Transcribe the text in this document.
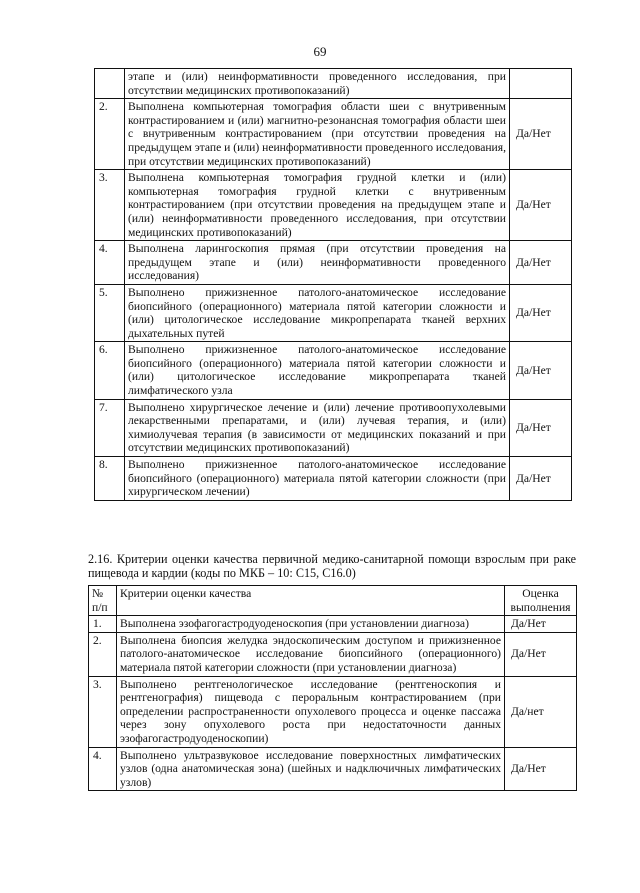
69
	этапе и (или) неинформативности проведенного исследования, при отсутствии медицинских противопоказаний)	
2.	Выполнена компьютерная томография области шеи с внутривенным контрастированием и (или) магнитно-резонансная томография области шеи с внутривенным контрастированием (при отсутствии проведения на предыдущем этапе и (или) неинформативности проведенного исследования, при отсутствии медицинских противопоказаний)	Да/Нет
3.	Выполнена компьютерная томография грудной клетки и (или) компьютерная томография грудной клетки с внутривенным контрастированием (при отсутствии проведения на предыдущем этапе и (или) неинформативности проведенного исследования, при отсутствии медицинских противопоказаний)	Да/Нет
4.	Выполнена ларингоскопия прямая (при отсутствии проведения на предыдущем этапе и (или) неинформативности проведенного исследования)	Да/Нет
5.	Выполнено прижизненное патолого-анатомическое исследование биопсийного (операционного) материала пятой категории сложности и (или) цитологическое исследование микропрепарата тканей верхних дыхательных путей	Да/Нет
6.	Выполнено прижизненное патолого-анатомическое исследование биопсийного (операционного) материала пятой категории сложности и (или) цитологическое исследование микропрепарата тканей лимфатического узла	Да/Нет
7.	Выполнено хирургическое лечение и (или) лечение противоопухолевыми лекарственными препаратами, и (или) лучевая терапия, и (или) химиолучевая терапия (в зависимости от медицинских показаний и при отсутствии медицинских противопоказаний)	Да/Нет
8.	Выполнено прижизненное патолого-анатомическое исследование биопсийного (операционного) материала пятой категории сложности (при хирургическом лечении)	Да/Нет
2.16. Критерии оценки качества первичной медико-санитарной помощи взрослым при раке пищевода и кардии (коды по МКБ – 10: С15, С16.0)
№ п/п	Критерии оценки качества	Оценка выполнения
1.	Выполнена эзофагогастродуоденоскопия (при установлении диагноза)	Да/Нет
2.	Выполнена биопсия желудка эндоскопическим доступом и прижизненное патолого-анатомическое исследование биопсийного (операционного) материала пятой категории сложности (при установлении диагноза)	Да/Нет
3.	Выполнено рентгенологическое исследование (рентгеноскопия и рентгенография) пищевода с пероральным контрастированием (при определении распространенности опухолевого процесса и оценке пассажа через зону опухолевого роста при недостаточности данных эзофагогастродуоденоскопии)	Да/нет
4.	Выполнено ультразвуковое исследование поверхностных лимфатических узлов (одна анатомическая зона) (шейных и надключичных лимфатических узлов)	Да/Нет
